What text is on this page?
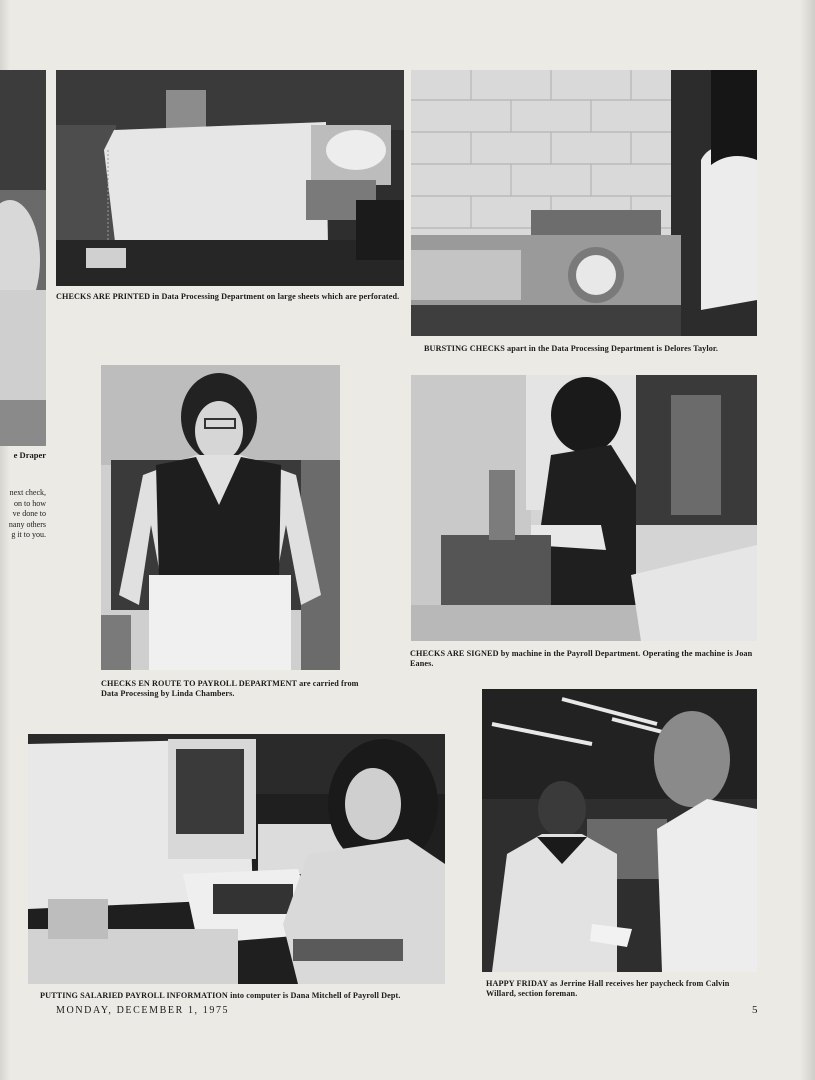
e Draper
next check,
on to how
ve done to
nany others
g it to you.
CHECKS ARE PRINTED in Data Processing Department on large sheets which are perforated.
BURSTING CHECKS apart in the Data Processing Department is Delores Taylor.
CHECKS EN ROUTE TO PAYROLL DEPARTMENT are carried from Data Processing by Linda Chambers.
CHECKS ARE SIGNED by machine in the Payroll Department. Operating the machine is Joan Eanes.
PUTTING SALARIED PAYROLL INFORMATION into computer is Dana Mitchell of Payroll Dept.
HAPPY FRIDAY as Jerrine Hall receives her paycheck from Calvin Willard, section foreman.
MONDAY, DECEMBER 1, 1975	5
